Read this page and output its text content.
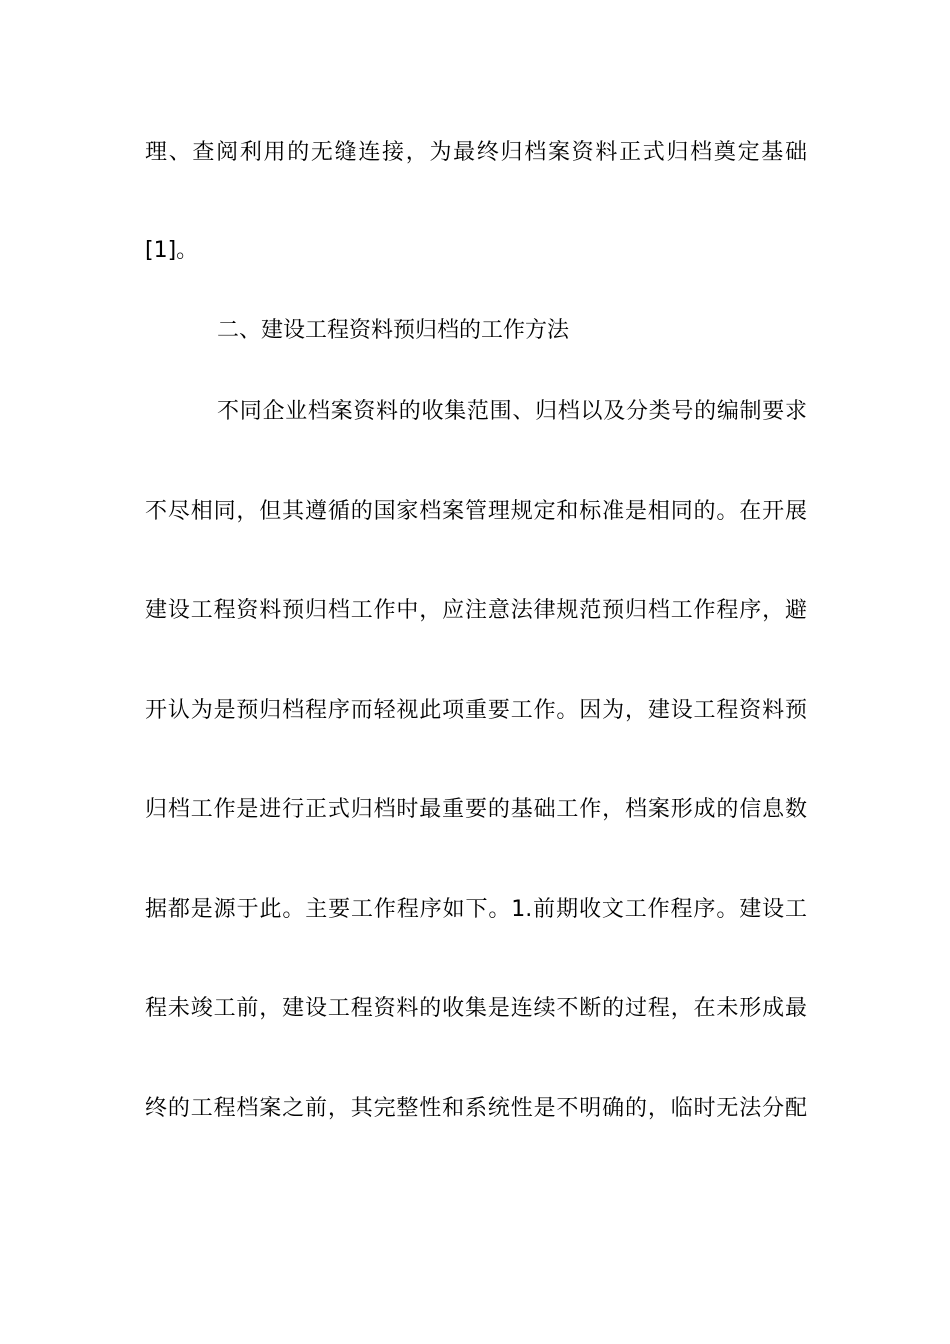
理、查阅利用的无缝连接，为最终归档案资料正式归档奠定基础
[1]。
二、建设工程资料预归档的工作方法
不同企业档案资料的收集范围、归档以及分类号的编制要求
不尽相同，但其遵循的国家档案管理规定和标准是相同的。在开展
建设工程资料预归档工作中，应注意法律规范预归档工作程序，避
开认为是预归档程序而轻视此项重要工作。因为，建设工程资料预
归档工作是进行正式归档时最重要的基础工作，档案形成的信息数
据都是源于此。主要工作程序如下。1.前期收文工作程序。建设工
程未竣工前，建设工程资料的收集是连续不断的过程，在未形成最
终的工程档案之前，其完整性和系统性是不明确的，临时无法分配
